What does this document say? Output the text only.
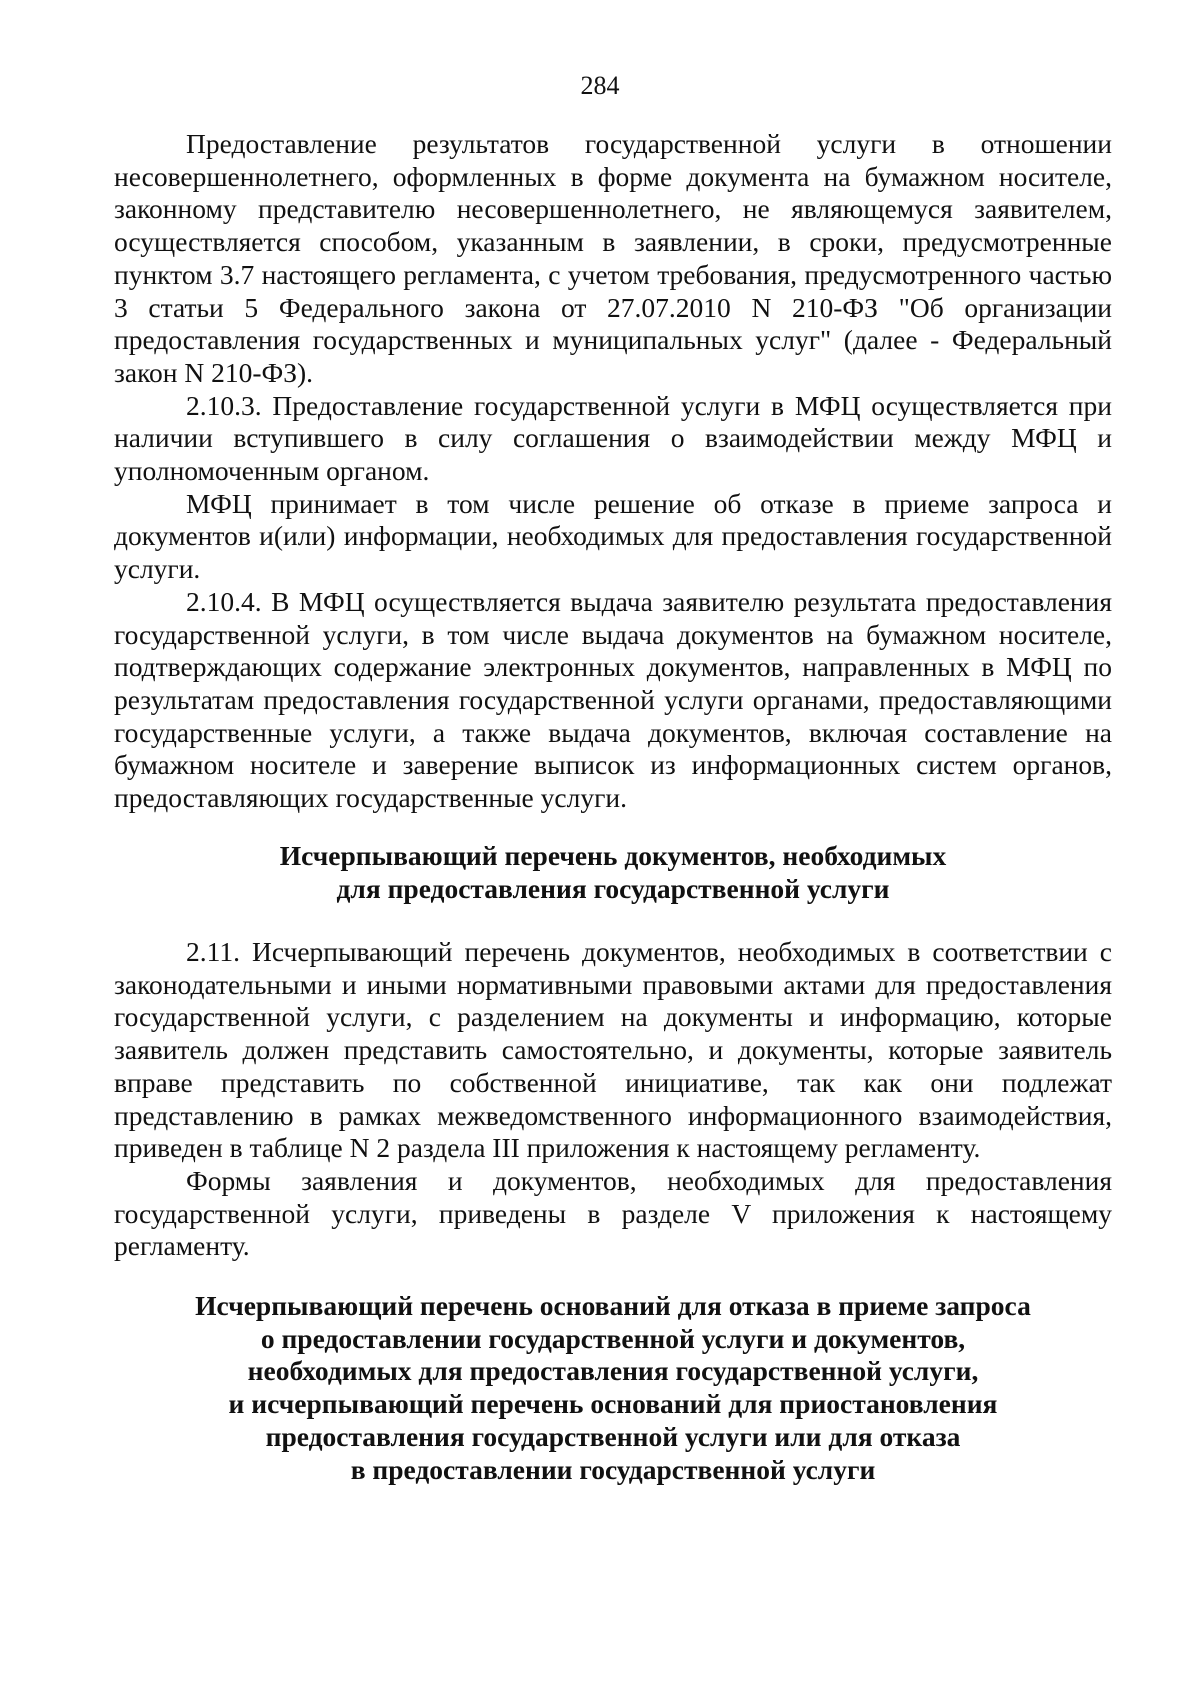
284

Предоставление результатов государственной услуги в отношении несовершеннолетнего, оформленных в форме документа на бумажном носителе, законному представителю несовершеннолетнего, не являющемуся заявителем, осуществляется способом, указанным в заявлении, в сроки, предусмотренные пунктом 3.7 настоящего регламента, с учетом требования, предусмотренного частью 3 статьи 5 Федерального закона от 27.07.2010 N 210-ФЗ "Об организации предоставления государственных и муниципальных услуг" (далее - Федеральный закон N 210-ФЗ).

2.10.3. Предоставление государственной услуги в МФЦ осуществляется при наличии вступившего в силу соглашения о взаимодействии между МФЦ и уполномоченным органом.

МФЦ принимает в том числе решение об отказе в приеме запроса и документов и(или) информации, необходимых для предоставления государственной услуги.

2.10.4. В МФЦ осуществляется выдача заявителю результата предоставления государственной услуги, в том числе выдача документов на бумажном носителе, подтверждающих содержание электронных документов, направленных в МФЦ по результатам предоставления государственной услуги органами, предоставляющими государственные услуги, а также выдача документов, включая составление на бумажном носителе и заверение выписок из информационных систем органов, предоставляющих государственные услуги.

Исчерпывающий перечень документов, необходимых
для предоставления государственной услуги

2.11. Исчерпывающий перечень документов, необходимых в соответствии с законодательными и иными нормативными правовыми актами для предоставления государственной услуги, с разделением на документы и информацию, которые заявитель должен представить самостоятельно, и документы, которые заявитель вправе представить по собственной инициативе, так как они подлежат представлению в рамках межведомственного информационного взаимодействия, приведен в таблице N 2 раздела III приложения к настоящему регламенту.

Формы заявления и документов, необходимых для предоставления государственной услуги, приведены в разделе V приложения к настоящему регламенту.

Исчерпывающий перечень оснований для отказа в приеме запроса
о предоставлении государственной услуги и документов,
необходимых для предоставления государственной услуги,
и исчерпывающий перечень оснований для приостановления
предоставления государственной услуги или для отказа
в предоставлении государственной услуги
